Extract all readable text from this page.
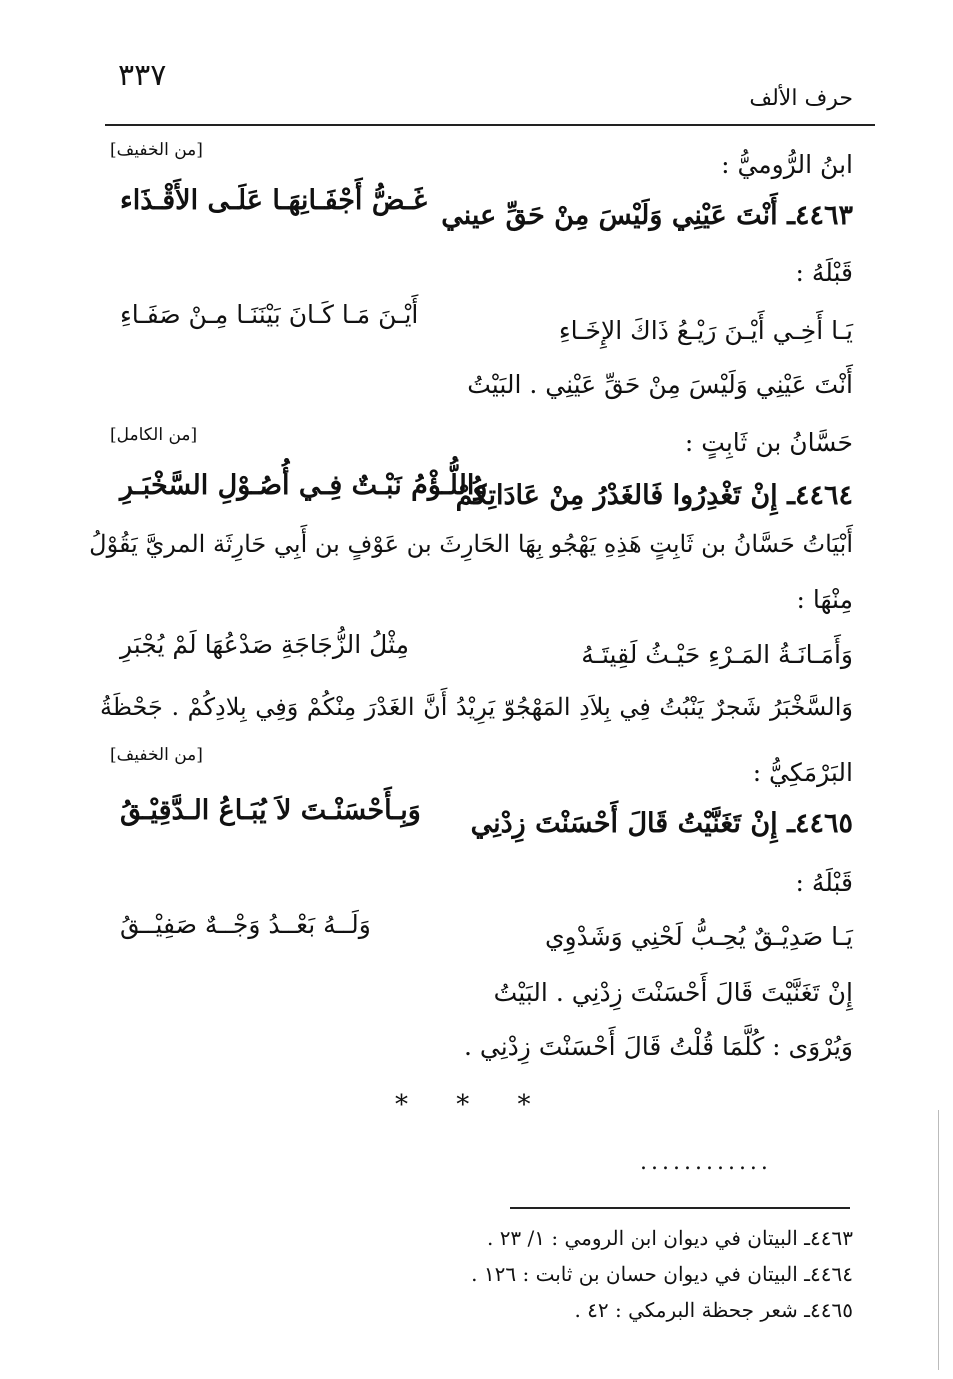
٣٣٧
حرف الألف
[من الخفيف]	ابنُ الرُّوميُّ :
٤٤٦٣ـ أَنْتَ عَيْنِي وَلَيْسَ مِنْ حَقِّ عيني
غَـضُّ أَجْفَـانِهَـا عَلَـى الأَقْـذَاء
قَبْلَهُ :
يَـا أَخِـي أَيْـنَ رَيْـعُ ذَاكَ الإِخَـاءِ
أَيْـنَ مَـا كَـانَ بَيْنَنَـا مِـنْ صَفَـاءِ
أَنْتَ عَيْنِي وَلَيْسَ مِنْ حَقِّ عَيْنِي . البَيْتُ
[من الكامل]	حَسَّانُ بن ثَابِتٍ :
٤٤٦٤ـ إِنْ تَغْدِرُوا فَالغَدْرُ مِنْ عَادَاتِكُمْ
واللُّـؤْمُ نَبْـتٌ فِـي أُصُـوْلِ السَّخْبَـرِ
أَبْيَاتُ حَسَّانُ بن ثَابِتٍ هَذِهِ يَهْجُو بِهَا الحَارِثَ بن عَوْفٍ بن أَبِي حَارِثَة المريَّ يَقُوْلُ
مِنْهَا :
وَأَمَـانَـةُ المَـرْءِ حَيْـثُ لَقِيتَـهُ
مِثْلُ الزُّجَاجَةِ صَدْعُهَا لَمْ يُجْبَرِ
وَالسَّخْبَرُ شَجرٌ يَنْبُتُ فِي بِلاَدِ المَهْجُوّ يَرِيْدُ أَنَّ الغَدْرَ مِنْكُمْ وَفِي بِلادِكُمْ . جَحْظَةُ
[من الخفيف]
البَرْمَكِيُّ :
٤٤٦٥ـ إِنْ تَغَنَّيْتُ قَالَ أَحْسَنْتَ زِدْنِي
وَبِـأَحْسَنْـتَ لاَ يُبَـاعُ الـدَّقِيْـقُ
قَبْلَهُ :
يَـا صَدِيْـقٌ يُحِـبُّ لَحْنِي وَشَدْوِي
وَلَــهُ بَعْــدُ وَجْــهٌ صَفِيْــقُ
إِنْ تَغَنَّيْتَ قَالَ أَحْسَنْتَ زِدْنِي . البَيْتُ
وَيُرْوَى : كُلَّمَا قُلْتُ قَالَ أَحْسَنْتَ زِدْنِي .
* * *
............
٤٤٦٣ـ البيتان في ديوان ابن الرومي : ١/ ٢٣ .
٤٤٦٤ـ البيتان في ديوان حسان بن ثابت : ١٢٦ .
٤٤٦٥ـ شعر جحظة البرمكي : ٤٢ .
